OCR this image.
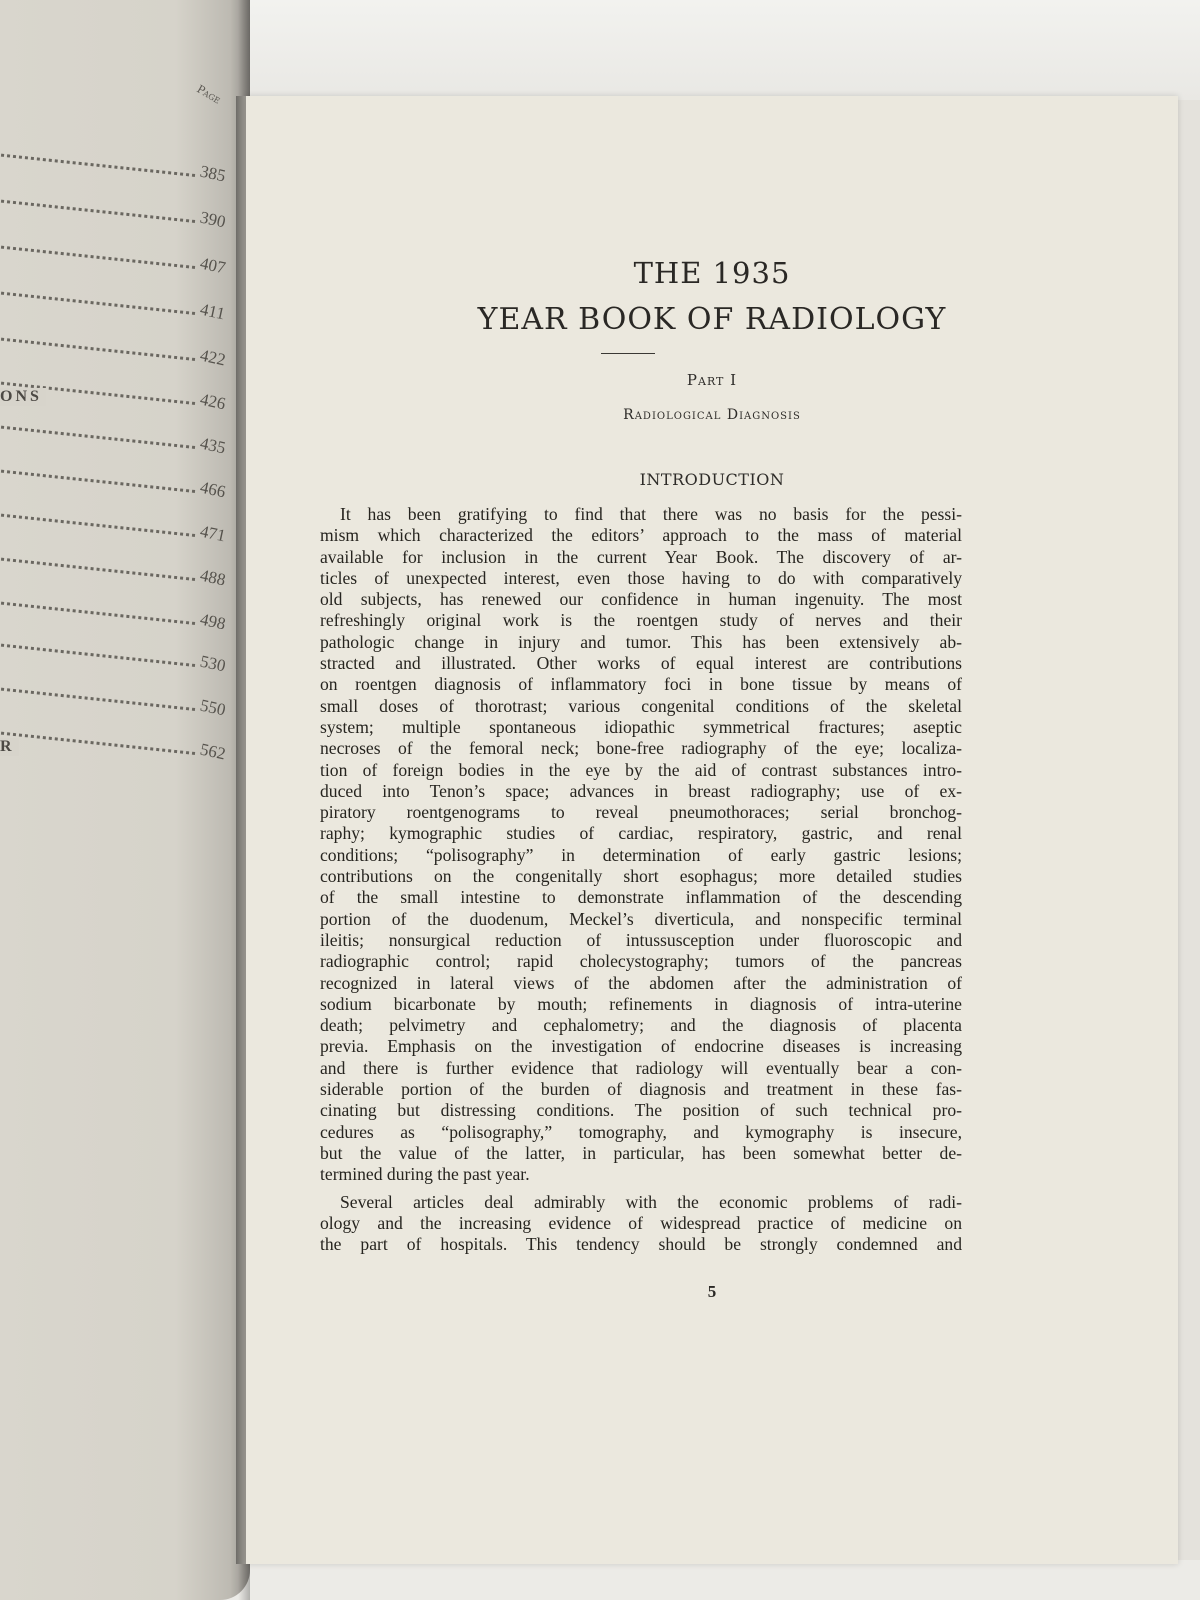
Page
385
390
407
411
422
426
ONS
435
466
471
488
498
530
550
562
R
THE 1935
YEAR BOOK OF RADIOLOGY
Part I
Radiological Diagnosis
INTRODUCTION
It has been gratifying to find that there was no basis for the pessi-
mism which characterized the editors’ approach to the mass of material
available for inclusion in the current Year Book. The discovery of ar-
ticles of unexpected interest, even those having to do with comparatively
old subjects, has renewed our confidence in human ingenuity. The most
refreshingly original work is the roentgen study of nerves and their
pathologic change in injury and tumor. This has been extensively ab-
stracted and illustrated. Other works of equal interest are contributions
on roentgen diagnosis of inflammatory foci in bone tissue by means of
small doses of thorotrast; various congenital conditions of the skeletal
system; multiple spontaneous idiopathic symmetrical fractures; aseptic
necroses of the femoral neck; bone-free radiography of the eye; localiza-
tion of foreign bodies in the eye by the aid of contrast substances intro-
duced into Tenon’s space; advances in breast radiography; use of ex-
piratory roentgenograms to reveal pneumothoraces; serial bronchog-
raphy; kymographic studies of cardiac, respiratory, gastric, and renal
conditions; “polisography” in determination of early gastric lesions;
contributions on the congenitally short esophagus; more detailed studies
of the small intestine to demonstrate inflammation of the descending
portion of the duodenum, Meckel’s diverticula, and nonspecific terminal
ileitis; nonsurgical reduction of intussusception under fluoroscopic and
radiographic control; rapid cholecystography; tumors of the pancreas
recognized in lateral views of the abdomen after the administration of
sodium bicarbonate by mouth; refinements in diagnosis of intra-uterine
death; pelvimetry and cephalometry; and the diagnosis of placenta
previa. Emphasis on the investigation of endocrine diseases is increasing
and there is further evidence that radiology will eventually bear a con-
siderable portion of the burden of diagnosis and treatment in these fas-
cinating but distressing conditions. The position of such technical pro-
cedures as “polisography,” tomography, and kymography is insecure,
but the value of the latter, in particular, has been somewhat better de-
termined during the past year.
Several articles deal admirably with the economic problems of radi-
ology and the increasing evidence of widespread practice of medicine on
the part of hospitals. This tendency should be strongly condemned and
5
